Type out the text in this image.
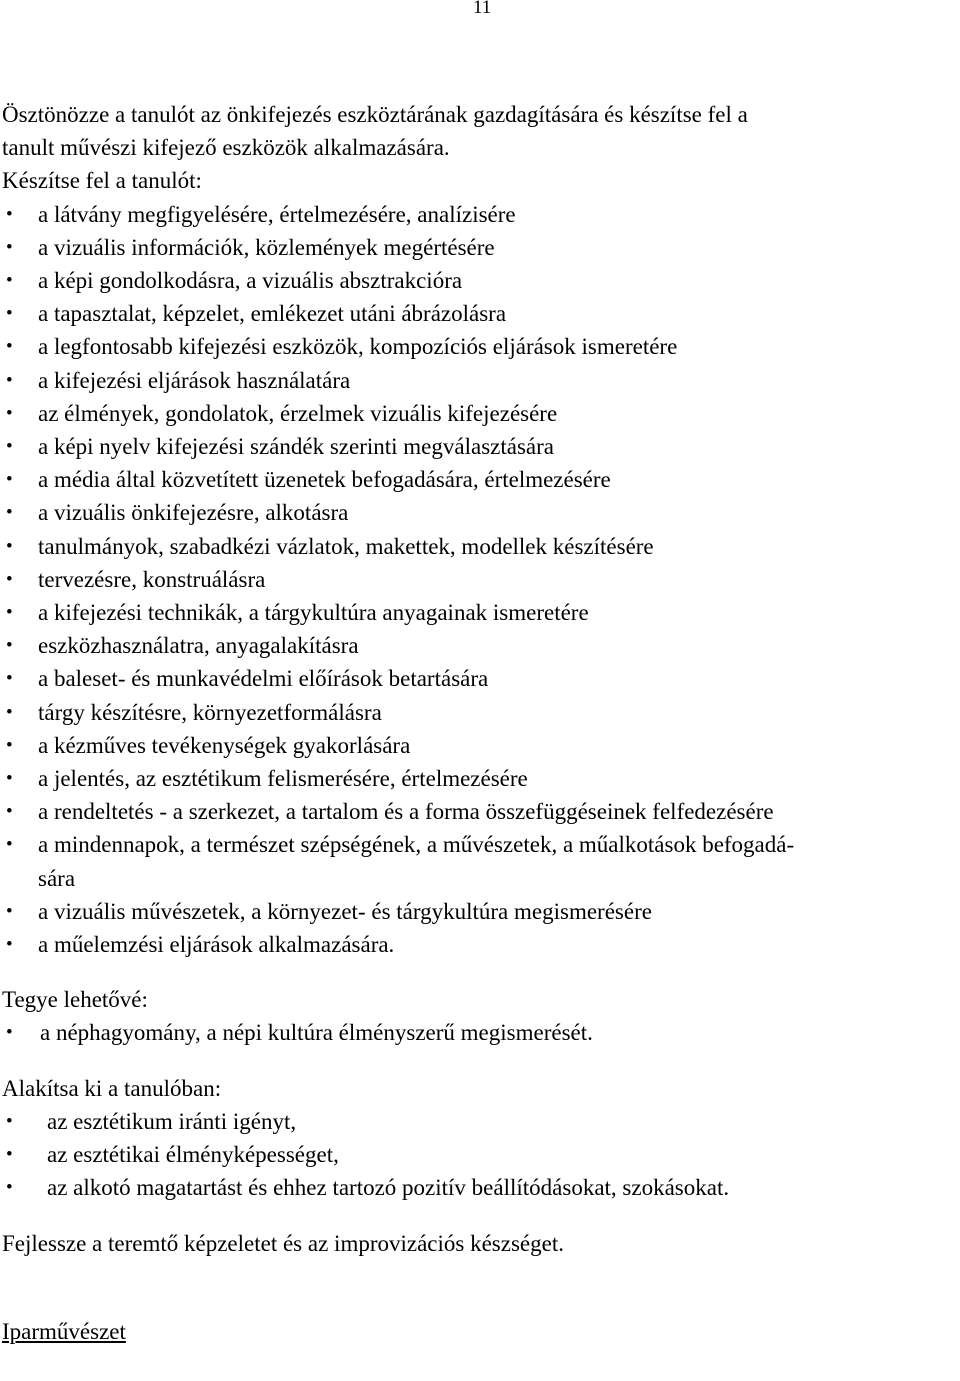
11
Ösztönözze a tanulót az önkifejezés eszköztárának gazdagítására és készítse fel a
tanult művészi kifejező eszközök alkalmazására.
Készítse fel a tanulót:
• a látvány megfigyelésére, értelmezésére, analízisére
• a vizuális információk, közlemények megértésére
• a képi gondolkodásra, a vizuális absztrakcióra
• a tapasztalat, képzelet, emlékezet utáni ábrázolásra
• a legfontosabb kifejezési eszközök, kompozíciós eljárások ismeretére
• a kifejezési eljárások használatára
• az élmények, gondolatok, érzelmek vizuális kifejezésére
• a képi nyelv kifejezési szándék szerinti megválasztására
• a média által közvetített üzenetek befogadására, értelmezésére
• a vizuális önkifejezésre, alkotásra
• tanulmányok, szabadkézi vázlatok, makettek, modellek készítésére
• tervezésre, konstruálásra
• a kifejezési technikák, a tárgykultúra anyagainak ismeretére
• eszközhasználatra, anyagalakításra
• a baleset- és munkavédelmi előírások betartására
• tárgy készítésre, környezetformálásra
• a kézműves tevékenységek gyakorlására
• a jelentés, az esztétikum felismerésére, értelmezésére
• a rendeltetés - a szerkezet, a tartalom és a forma összefüggéseinek felfedezésére
• a mindennapok, a természet szépségének, a művészetek, a műalkotások befogadá-
sára
• a vizuális művészetek, a környezet- és tárgykultúra megismerésére
• a műelemzési eljárások alkalmazására.
Tegye lehetővé:
• a néphagyomány, a népi kultúra élményszerű megismerését.
Alakítsa ki a tanulóban:
• az esztétikum iránti igényt,
• az esztétikai élményképességet,
• az alkotó magatartást és ehhez tartozó pozitív beállítódásokat, szokásokat.
Fejlessze a teremtő képzeletet és az improvizációs készséget.
Iparművészet
